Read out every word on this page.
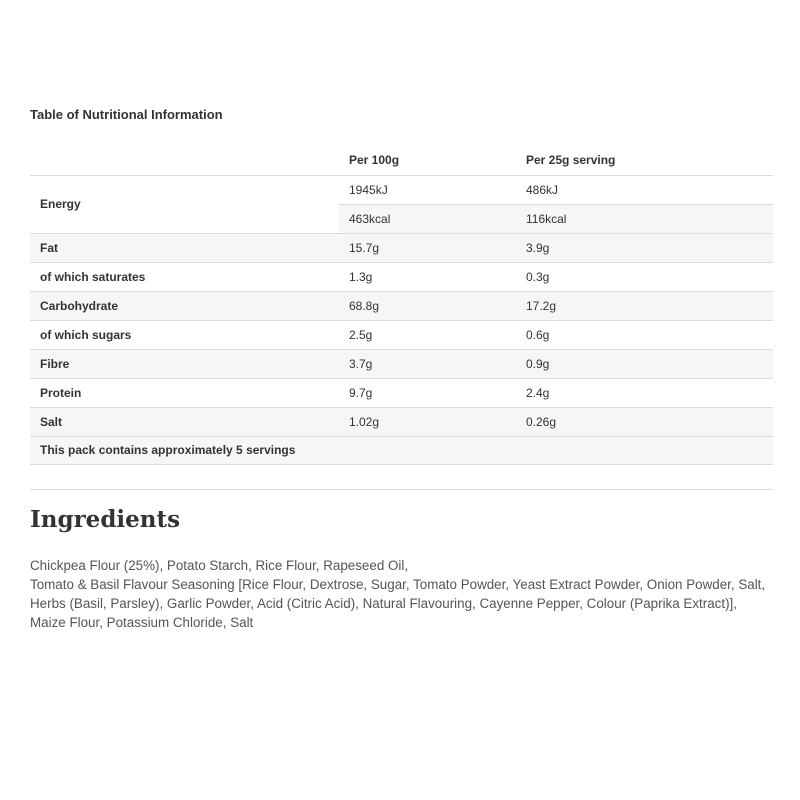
Table of Nutritional Information
	Per 100g	Per 25g serving
Energy	1945kJ	486kJ
	463kcal	116kcal
Fat	15.7g	3.9g
of which saturates	1.3g	0.3g
Carbohydrate	68.8g	17.2g
of which sugars	2.5g	0.6g
Fibre	3.7g	0.9g
Protein	9.7g	2.4g
Salt	1.02g	0.26g
This pack contains approximately 5 servings		
Ingredients

Chickpea Flour (25%), Potato Starch, Rice Flour, Rapeseed Oil,

Tomato & Basil Flavour Seasoning [Rice Flour, Dextrose, Sugar, Tomato Powder, Yeast Extract Powder, Onion Powder, Salt, Herbs (Basil, Parsley), Garlic Powder, Acid (Citric Acid), Natural Flavouring, Cayenne Pepper, Colour (Paprika Extract)],

Maize Flour, Potassium Chloride, Salt
